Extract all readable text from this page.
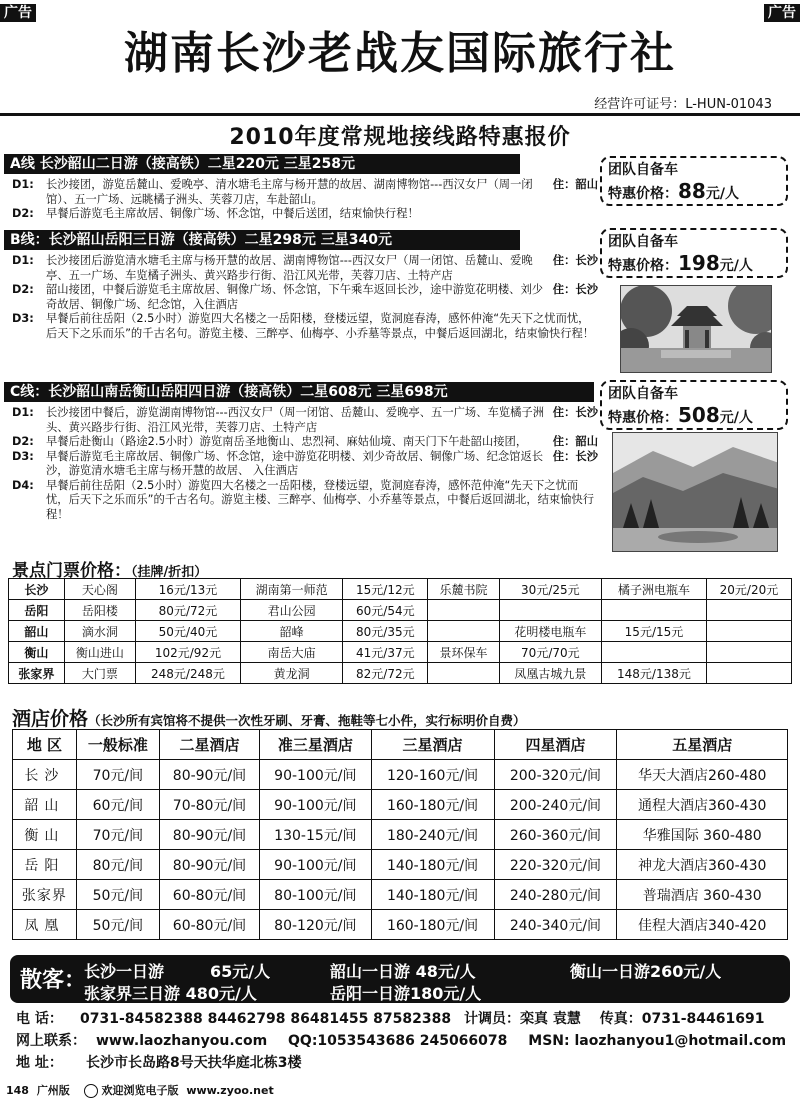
广告	广告
湖南长沙老战友国际旅行社
经营许可证号：L-HUN-01043
2010年度常规地接线路特惠报价
A线 长沙韶山二日游（接高铁）二星220元 三星258元
D1:	住：韶山
长沙接团，游览岳麓山、爱晚亭、清水塘毛主席与杨开慧的故居、湖南博物馆---西汉女尸（周一闭馆）、五一广场、远眺橘子洲头、芙蓉刀店，车赴韶山。
D2:	早餐后游览毛主席故居、铜像广场、怀念馆，中餐后送团，结束愉快行程！
B线：长沙韶山岳阳三日游（接高铁）二星298元 三星340元
D1:	住：长沙
长沙接团后游览清水塘毛主席与杨开慧的故居、湖南博物馆---西汉女尸（周一闭馆、岳麓山、爱晚亭、五一广场、车览橘子洲头、黄兴路步行街、沿江风光带，芙蓉刀店、土特产店
D2:	住：长沙
韶山接团，中餐后游览毛主席故居、铜像广场、怀念馆，下午乘车返回长沙，途中游览花明楼、刘少奇故居、铜像广场、纪念馆，入住酒店
D3:	早餐后前往岳阳（2.5小时）游览四大名楼之一岳阳楼，登楼远望，览洞庭春涛，感怀仲淹“先天下之忧而忧，后天下之乐而乐”的千古名句。游览主楼、三醉亭、仙梅亭、小乔墓等景点，中餐后返回湖北，结束愉快行程！
C线：长沙韶山南岳衡山岳阳四日游（接高铁）二星608元 三星698元
D1:	住：长沙
长沙接团中餐后，游览湖南博物馆---西汉女尸（周一闭馆、岳麓山、爱晚亭、五一广场、车览橘子洲头、黄兴路步行街、沿江风光带，芙蓉刀店、土特产店
D2:	住：韶山
早餐后赴衡山（路途2.5小时）游览南岳圣地衡山、忠烈祠、麻姑仙境、南天门下午赴韶山接团，
D3:	住：长沙
早餐后游览毛主席故居、铜像广场、怀念馆，途中游览花明楼、刘少奇故居、铜像广场、纪念馆返长沙，游览清水塘毛主席与杨开慧的故居、 入住酒店
D4:	早餐后前往岳阳（2.5小时）游览四大名楼之一岳阳楼，登楼远望，览洞庭春涛，感怀范仲淹“先天下之忧而忧，后天下之乐而乐”的千古名句。游览主楼、三醉亭、仙梅亭、小乔墓等景点，中餐后返回湖北，结束愉快行程！
团队自备车
特惠价格：88元/人
团队自备车
特惠价格：198元/人
团队自备车
特惠价格：508元/人
景点门票价格：（挂牌/折扣）
长沙	天心阁	16元/13元	湖南第一师范	15元/12元	乐麓书院	30元/25元	橘子洲电瓶车	20元/20元
岳阳	岳阳楼	80元/72元	君山公园	60元/54元				
韶山	滴水洞	50元/40元	韶峰	80元/35元		花明楼电瓶车	15元/15元	
衡山	衡山进山	102元/92元	南岳大庙	41元/37元	景环保车	70元/70元		
张家界	大门票	248元/248元	黄龙洞	82元/72元		凤凰古城九景	148元/138元	
酒店价格（长沙所有宾馆将不提供一次性牙刷、牙膏、拖鞋等七小件，实行标明价自费）
地 区	一般标准	二星酒店	准三星酒店	三星酒店	四星酒店	五星酒店
长沙	70元/间	80-90元/间	90-100元/间	120-160元/间	200-320元/间	华天大酒店260-480
韶山	60元/间	70-80元/间	90-100元/间	160-180元/间	200-240元/间	通程大酒店360-430
衡山	70元/间	80-90元/间	130-15元/间	180-240元/间	260-360元/间	华雅国际 360-480
岳阳	80元/间	80-90元/间	90-100元/间	140-180元/间	220-320元/间	神龙大酒店360-430
张家界	50元/间	60-80元/间	80-100元/间	140-180元/间	240-280元/间	普瑞酒店 360-430
凤凰	50元/间	60-80元/间	80-120元/间	160-180元/间	240-340元/间	佳程大酒店340-420
散客：
长沙一日游	65元/人	韶山一日游 48元/人	衡山一日游260元/人
张家界三日游 480元/人	岳阳一日游180元/人
电 话： 0731-84582388 84462798 86481455 87582388 计调员：栾真 袁慧 传真：0731-84461691
网上联系： www.laozhanyou.com QQ:1053543686 245066078 MSN: laozhanyou1@hotmail.com
地 址： 长沙市长岛路8号天扶华庭北栋3楼
148 广州版	欢迎浏览电子版 www.zyoo.net
